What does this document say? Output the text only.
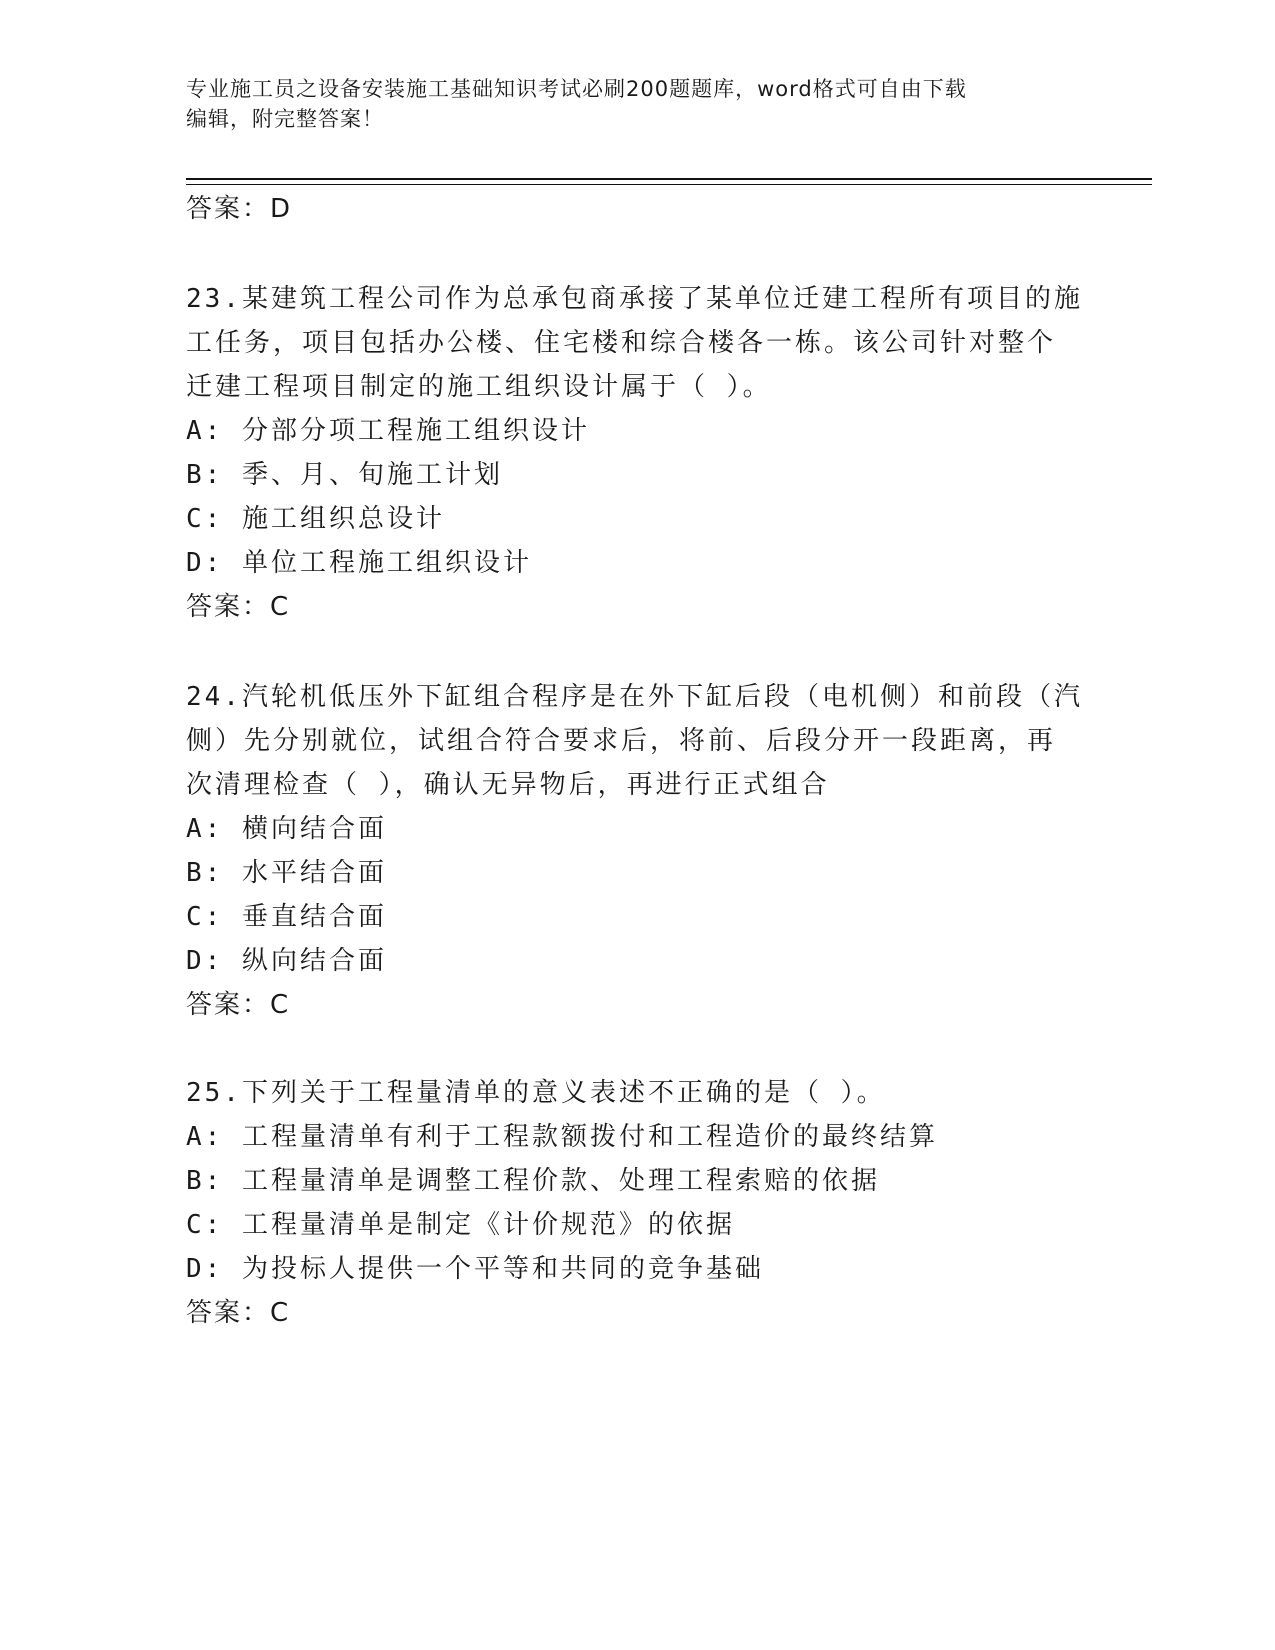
专业施工员之设备安装施工基础知识考试必刷200题题库，word格式可自由下载
编辑，附完整答案！
答案：D
23.某建筑工程公司作为总承包商承接了某单位迁建工程所有项目的施
工任务，项目包括办公楼、住宅楼和综合楼各一栋。该公司针对整个
迁建工程项目制定的施工组织设计属于（ ）。
A: 分部分项工程施工组织设计
B: 季、月、旬施工计划
C: 施工组织总设计
D: 单位工程施工组织设计
答案：C
24.汽轮机低压外下缸组合程序是在外下缸后段（电机侧）和前段（汽
侧）先分别就位，试组合符合要求后，将前、后段分开一段距离，再
次清理检查（ ），确认无异物后，再进行正式组合
A: 横向结合面
B: 水平结合面
C: 垂直结合面
D: 纵向结合面
答案：C
25.下列关于工程量清单的意义表述不正确的是（ ）。
A: 工程量清单有利于工程款额拨付和工程造价的最终结算
B: 工程量清单是调整工程价款、处理工程索赔的依据
C: 工程量清单是制定《计价规范》的依据
D: 为投标人提供一个平等和共同的竞争基础
答案：C
